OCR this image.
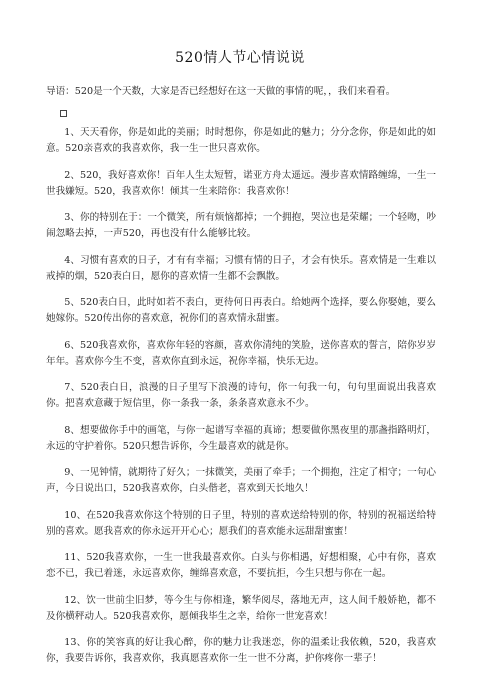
520情人节心情说说

导语：520是一个天数，大家是否已经想好在这一天做的事情的呢，，我们来看看。

1、天天看你，你是如此的美丽；时时想你，你是如此的魅力；分分念你，你是如此的如意。520亲喜欢的我喜欢你，我一生一世只喜欢你。

2、520，我好喜欢你！百年人生太短暂，诺亚方舟太遥远。漫步喜欢情路缠绵，一生一世我嫌短。520，我喜欢你！倾其一生来陪你：我喜欢你！

3、你的特别在于：一个微笑，所有烦恼都掉；一个拥抱，哭泣也是荣耀；一个轻吻，吵闹忽略去掉，一声520，再也没有什么能够比较。

4、习惯有喜欢的日子，才有有幸福；习惯有情的日子，才会有快乐。喜欢情是一生难以戒掉的烟，520表白日，愿你的喜欢情一生都不会飘散。

5、520表白日，此时如若不表白，更待何日再表白。给她两个选择，要么你娶她，要么她嫁你。520传出你的喜欢意，祝你们的喜欢情永甜蜜。

6、520我喜欢你，喜欢你年轻的容颜，喜欢你清纯的笑脸，送你喜欢的誓言，陪你岁岁年年。喜欢你今生不变，喜欢你直到永远，祝你幸福，快乐无边。

7、520表白日，浪漫的日子里写下浪漫的诗句，你一句我一句，句句里面说出我喜欢你。把喜欢意藏于短信里，你一条我一条，条条喜欢意永不少。

8、想要做你手中的画笔，与你一起谱写幸福的真谛；想要做你黑夜里的那盏指路明灯，永远的守护着你。520只想告诉你，今生最喜欢的就是你。

9、一见钟情，就期待了好久；一抹微笑，美丽了牵手；一个拥抱，注定了相守；一句心声，今日说出口，520我喜欢你，白头偕老，喜欢到天长地久！

10、在520我喜欢你这个特别的日子里，特别的喜欢送给特别的你，特别的祝福送给特别的喜欢。愿我喜欢的你永远开开心心；愿我们的喜欢能永远甜甜蜜蜜！

11、520我喜欢你，一生一世我最喜欢你。白头与你相遇，好想相聚，心中有你，喜欢恋不已，我已着迷，永远喜欢你，缠绵喜欢意，不要抗拒，今生只想与你在一起。

12、饮一世前尘旧梦，等今生与你相逢，繁华阅尽，落地无声，这人间千般娇艳，都不及你横秤动人。520我喜欢你，愿倾我毕生之幸，给你一世宠喜欢！

13、你的笑容真的好让我心醉，你的魅力让我迷恋，你的温柔让我依赖，520，我喜欢你，我要告诉你，我喜欢你，我真愿喜欢你一生一世不分离，护你疼你一辈子！
